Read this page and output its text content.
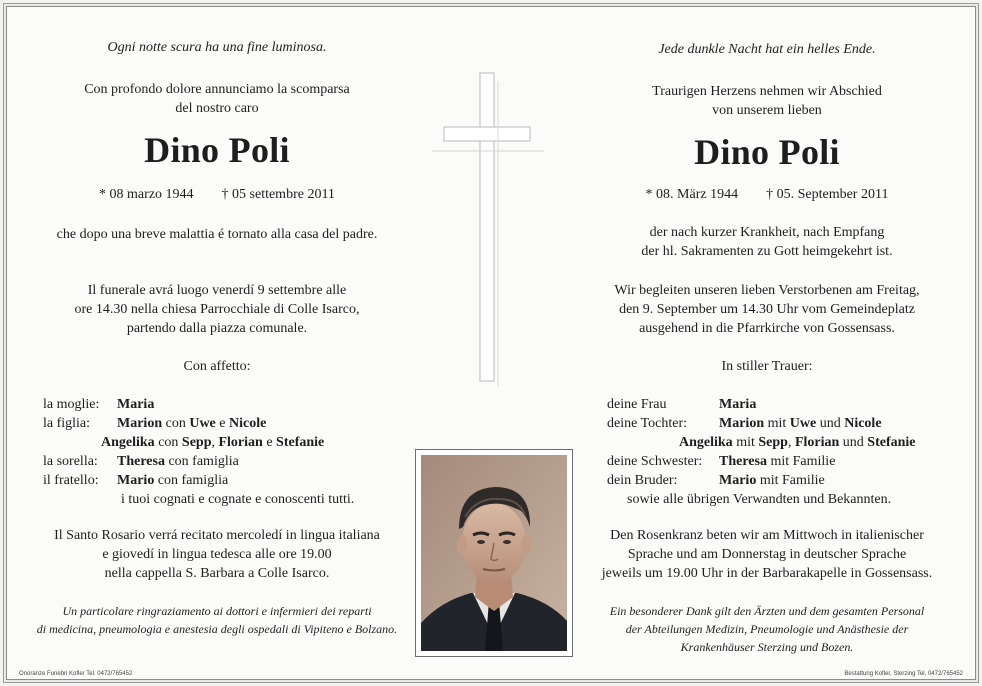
Ogni notte scura ha una fine luminosa.
Con profondo dolore annunciamo la scomparsa
del nostro caro
Dino Poli
* 08 marzo 1944 † 05 settembre 2011
che dopo una breve malattia é tornato alla casa del padre.
Il funerale avrá luogo venerdí 9 settembre alle
ore 14.30 nella chiesa Parrocchiale di Colle Isarco,
partendo dalla piazza comunale.
Con affetto:
la moglie: Maria
la figlia: Marion con Uwe e Nicole
Angelika con Sepp, Florian e Stefanie
la sorella: Theresa con famiglia
il fratello: Mario con famiglia
i tuoi cognati e cognate e conoscenti tutti.
Il Santo Rosario verrá recitato mercoledí in lingua italiana
e giovedí in lingua tedesca alle ore 19.00
nella cappella S. Barbara a Colle Isarco.
Un particolare ringraziamento ai dottori e infermieri dei reparti
di medicina, pneumologia e anestesia degli ospedali di Vipiteno e Bolzano.
Jede dunkle Nacht hat ein helles Ende.
Traurigen Herzens nehmen wir Abschied
von unserem lieben
Dino Poli
* 08. März 1944 † 05. September 2011
der nach kurzer Krankheit, nach Empfang
der hl. Sakramenten zu Gott heimgekehrt ist.
Wir begleiten unseren lieben Verstorbenen am Freitag,
den 9. September um 14.30 Uhr vom Gemeindeplatz
ausgehend in die Pfarrkirche von Gossensass.
In stiller Trauer:
deine Frau	Maria
deine Tochter: Marion mit Uwe und Nicole
Angelika mit Sepp, Florian und Stefanie
deine Schwester: Theresa mit Familie
dein Bruder:	Mario mit Familie
sowie alle übrigen Verwandten und Bekannten.
Den Rosenkranz beten wir am Mittwoch in italienischer
Sprache und am Donnerstag in deutscher Sprache
jeweils um 19.00 Uhr in der Barbarakapelle in Gossensass.
Ein besonderer Dank gilt den Ärzten und dem gesamten Personal
der Abteilungen Medizin, Pneumologie und Anästhesie der
Krankenhäuser Sterzing und Bozen.
Onoranze Funebri Kofler Tel. 0472/765452	Bestattung Kofler, Sterzing Tel. 0472/765452
